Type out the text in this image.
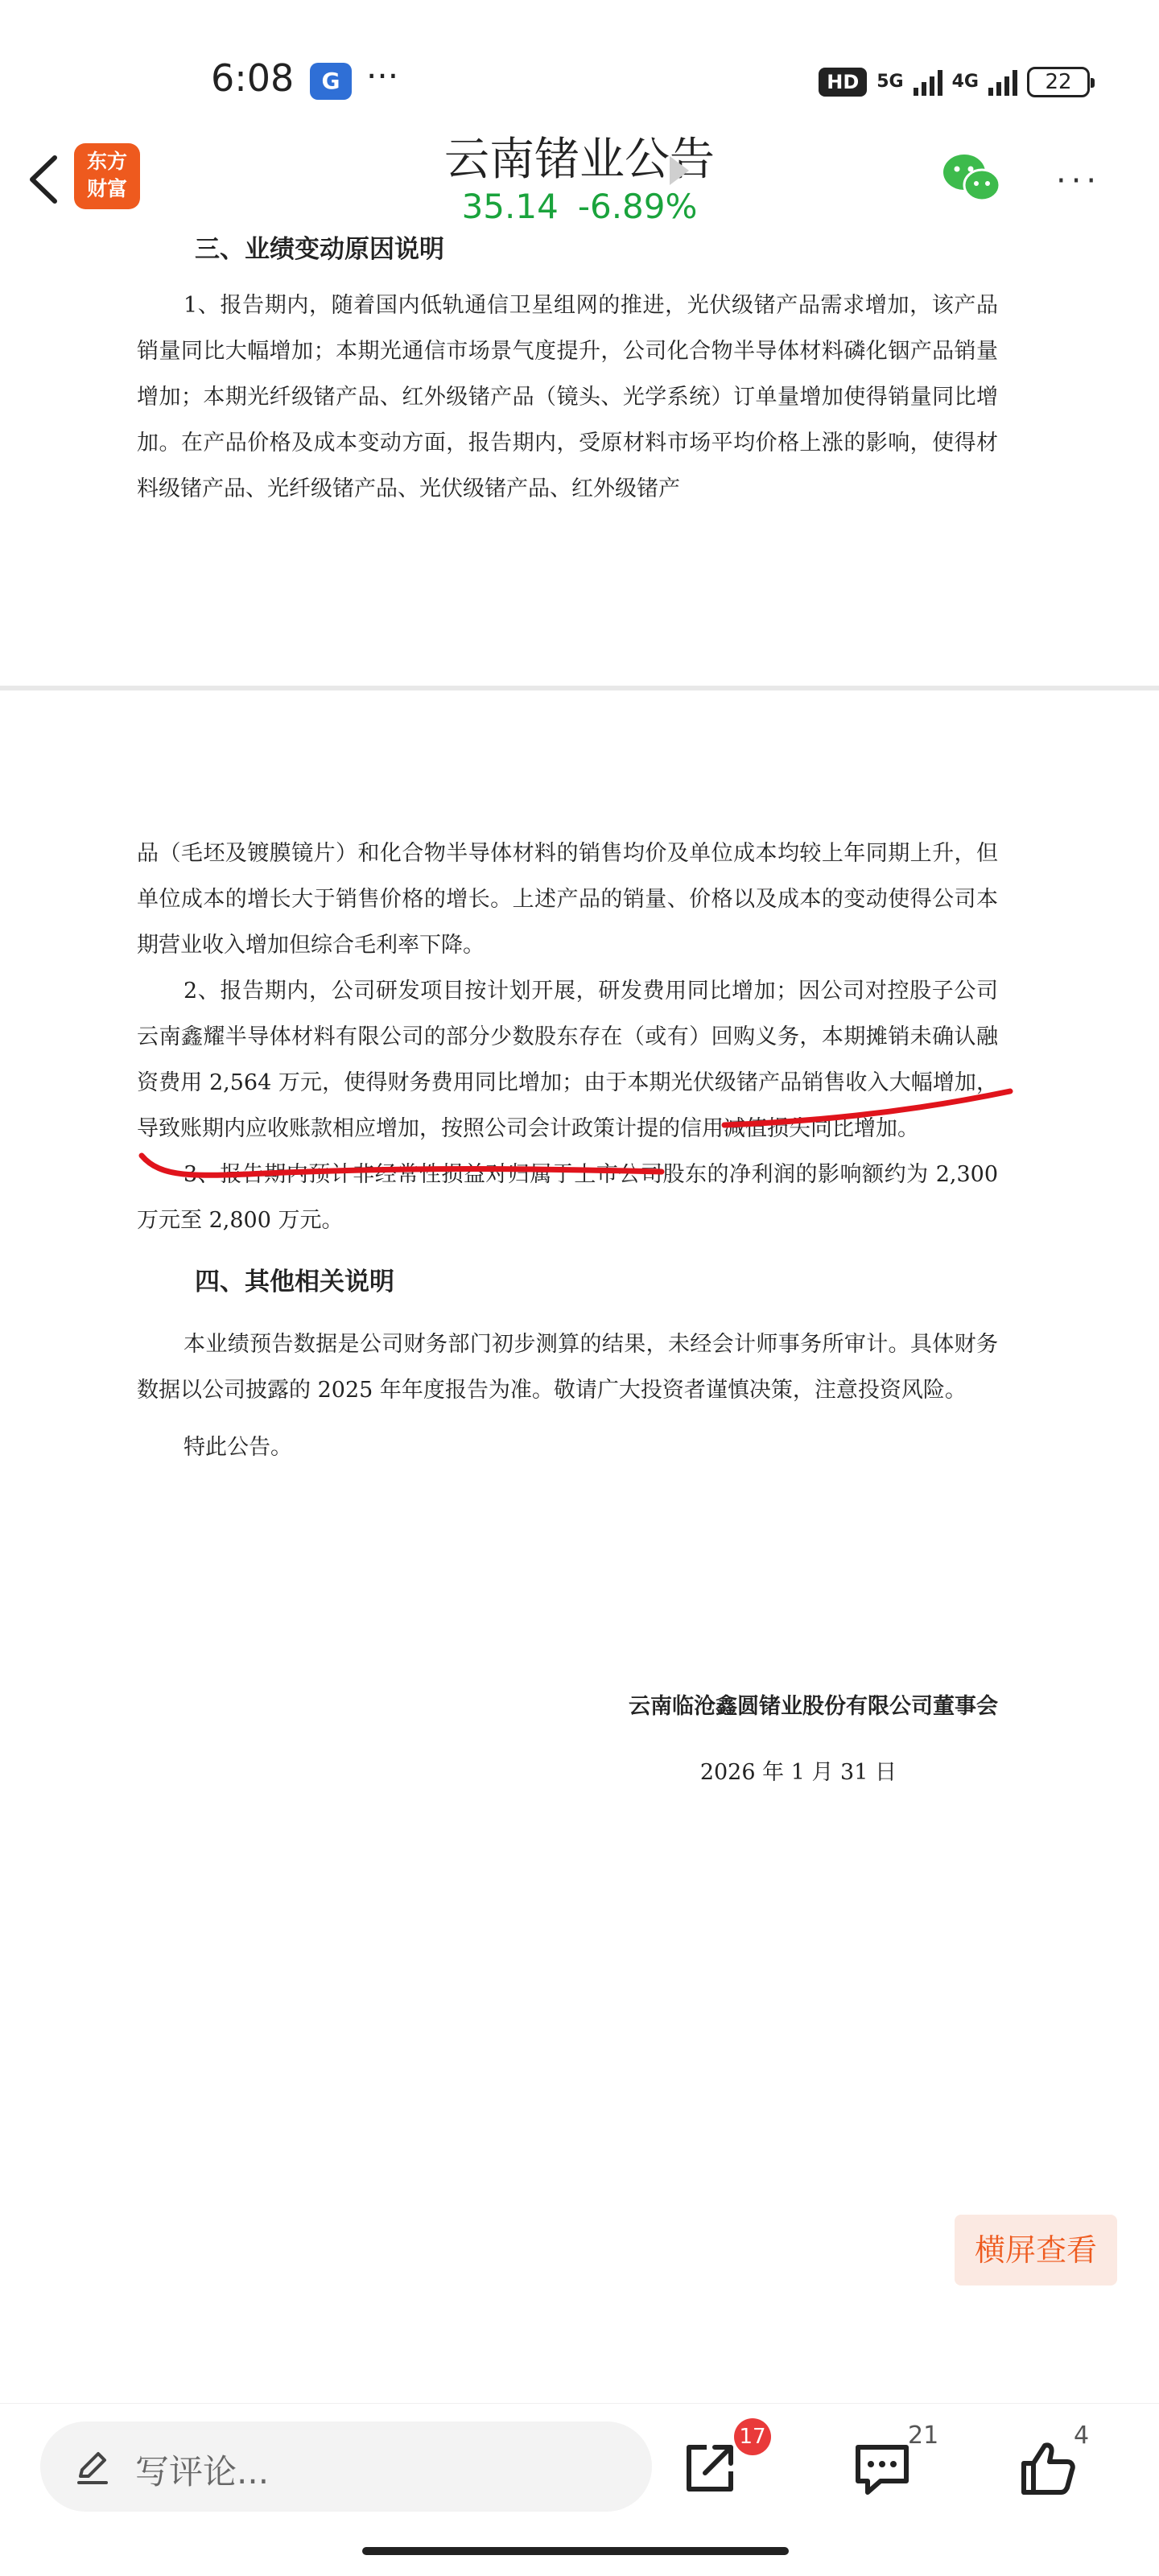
6:08	G ···	HD	5G	4G	22
东方
财富
云南锗业公告
35.14 -6.89%
···

三、业绩变动原因说明

1、报告期内，随着国内低轨通信卫星组网的推进，光伏级锗产品需求增加，该产品销量同比大幅增加；本期光通信市场景气度提升，公司化合物半导体材料磷化铟产品销量增加；本期光纤级锗产品、红外级锗产品（镜头、光学系统）订单量增加使得销量同比增加。在产品价格及成本变动方面，报告期内，受原材料市场平均价格上涨的影响，使得材料级锗产品、光纤级锗产品、光伏级锗产品、红外级锗产

品（毛坯及镀膜镜片）和化合物半导体材料的销售均价及单位成本均较上年同期上升，但单位成本的增长大于销售价格的增长。上述产品的销量、价格以及成本的变动使得公司本期营业收入增加但综合毛利率下降。

2、报告期内，公司研发项目按计划开展，研发费用同比增加；因公司对控股子公司云南鑫耀半导体材料有限公司的部分少数股东存在（或有）回购义务，本期摊销未确认融资费用 2,564 万元，使得财务费用同比增加；由于本期光伏级锗产品销售收入大幅增加，导致账期内应收账款相应增加，按照公司会计政策计提的信用减值损失同比增加。

3、报告期内预计非经常性损益对归属于上市公司股东的净利润的影响额约为 2,300 万元至 2,800 万元。

四、其他相关说明

本业绩预告数据是公司财务部门初步测算的结果，未经会计师事务所审计。具体财务数据以公司披露的 2025 年年度报告为准。敬请广大投资者谨慎决策，注意投资风险。

特此公告。

云南临沧鑫圆锗业股份有限公司董事会
2026 年 1 月 31 日
横屏查看
写评论...
17	21	4
